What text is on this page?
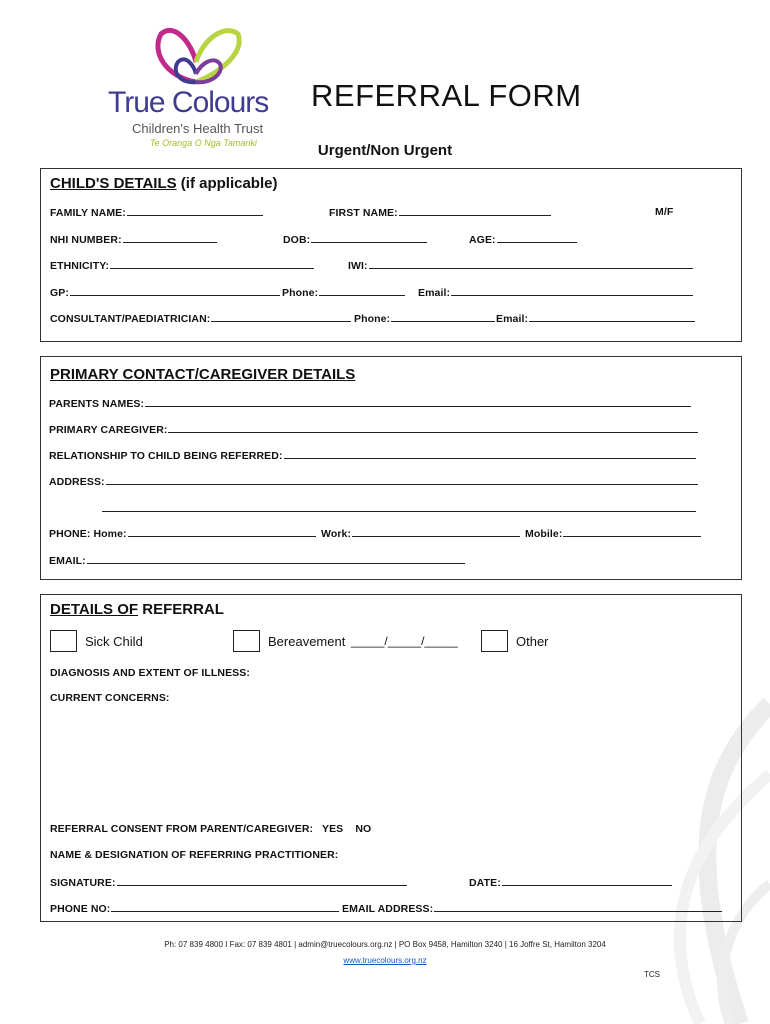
True Colours
Children's Health Trust
Te Oranga O Nga Tamariki
REFERRAL FORM
Urgent/Non Urgent
CHILD'S DETAILS (if applicable)
FAMILY NAME:	FIRST NAME:	M/F
NHI NUMBER:	DOB:	AGE:
ETHNICITY:	IWI:
GP:	Phone:	Email:
CONSULTANT/PAEDIATRICIAN:	Phone:	Email:
PRIMARY CONTACT/CAREGIVER DETAILS
PARENTS NAMES:
PRIMARY CAREGIVER:
RELATIONSHIP TO CHILD BEING REFERRED:
ADDRESS:
PHONE: Home:	Work:	Mobile:
EMAIL:
DETAILS OF REFERRAL
Sick Child	Bereavement _____/_____/_____	Other
DIAGNOSIS AND EXTENT OF ILLNESS:
CURRENT CONCERNS:
REFERRAL CONSENT FROM PARENT/CAREGIVER:   YES    NO
NAME & DESIGNATION OF REFERRING PRACTITIONER:
SIGNATURE:	DATE:
PHONE NO:	EMAIL ADDRESS:
Ph: 07 839 4800 I Fax: 07 839 4801 | admin@truecolours.org.nz | PO Box 9458, Hamilton 3240 | 16 Joffre St, Hamilton 3204
www.truecolours.org.nz
TCS
